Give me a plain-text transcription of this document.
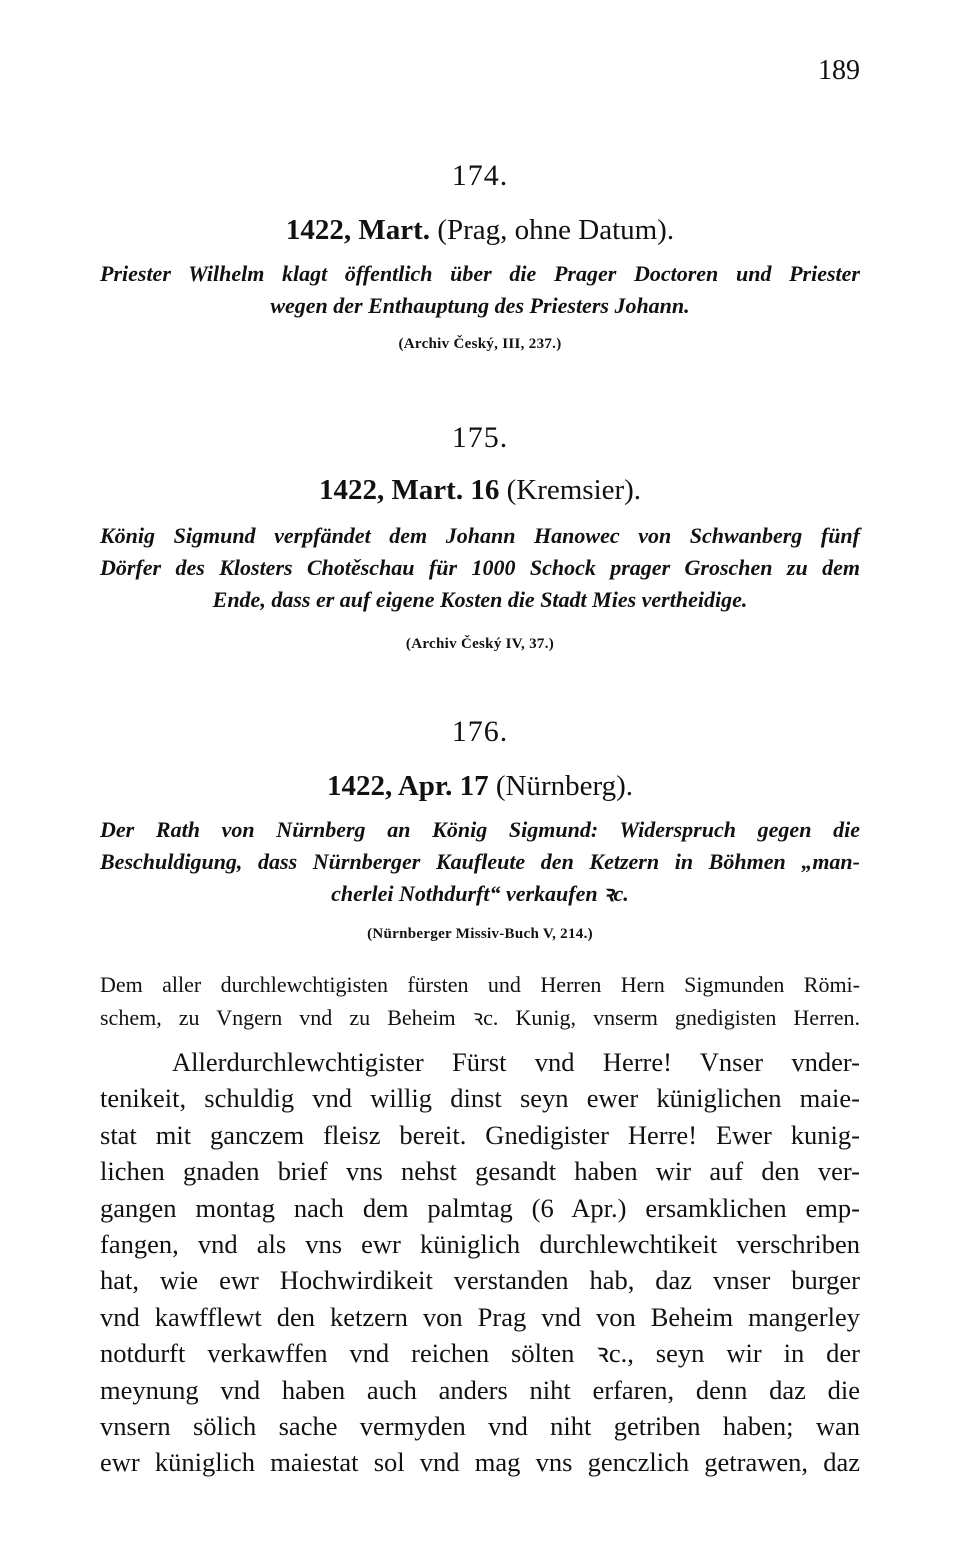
189

174.

1422, Mart. (Prag, ohne Datum).

Priester Wilhelm klagt öffentlich über die Prager Doctoren und Priester
wegen der Enthauptung des Priesters Johann.

(Archiv Český, III, 237.)

175.

1422, Mart. 16 (Kremsier).

König Sigmund verpfändet dem Johann Hanowec von Schwanberg fünf
Dörfer des Klosters Chotěschau für 1000 Schock prager Groschen zu dem
Ende, dass er auf eigene Kosten die Stadt Mies vertheidige.

(Archiv Český IV, 37.)

176.

1422, Apr. 17 (Nürnberg).

Der Rath von Nürnberg an König Sigmund: Widerspruch gegen die
Beschuldigung, dass Nürnberger Kaufleute den Ketzern in Böhmen „man-
cherlei Nothdurft“ verkaufen ꝛc.

(Nürnberger Missiv-Buch V, 214.)

Dem aller durchlewchtigisten fürsten und Herren Hern Sigmunden Römi-
schem, zu Vngern vnd zu Beheim ꝛc. Kunig, vnserm gnedigisten Herren.
Allerdurchlewchtigister Fürst vnd Herre! Vnser vnder-
tenikeit, schuldig vnd willig dinst seyn ewer küniglichen maie-
stat mit ganczem fleisz bereit. Gnedigister Herre! Ewer kunig-
lichen gnaden brief vns nehst gesandt haben wir auf den ver-
gangen montag nach dem palmtag (6 Apr.) ersamklichen emp-
fangen, vnd als vns ewr küniglich durchlewchtikeit verschriben
hat, wie ewr Hochwirdikeit verstanden hab, daz vnser burger
vnd kawfflewt den ketzern von Prag vnd von Beheim mangerley
notdurft verkawffen vnd reichen sölten ꝛc., seyn wir in der
meynung vnd haben auch anders niht erfaren, denn daz die
vnsern sölich sache vermyden vnd niht getriben haben; wan
ewr küniglich maiestat sol vnd mag vns genczlich getrawen, daz
